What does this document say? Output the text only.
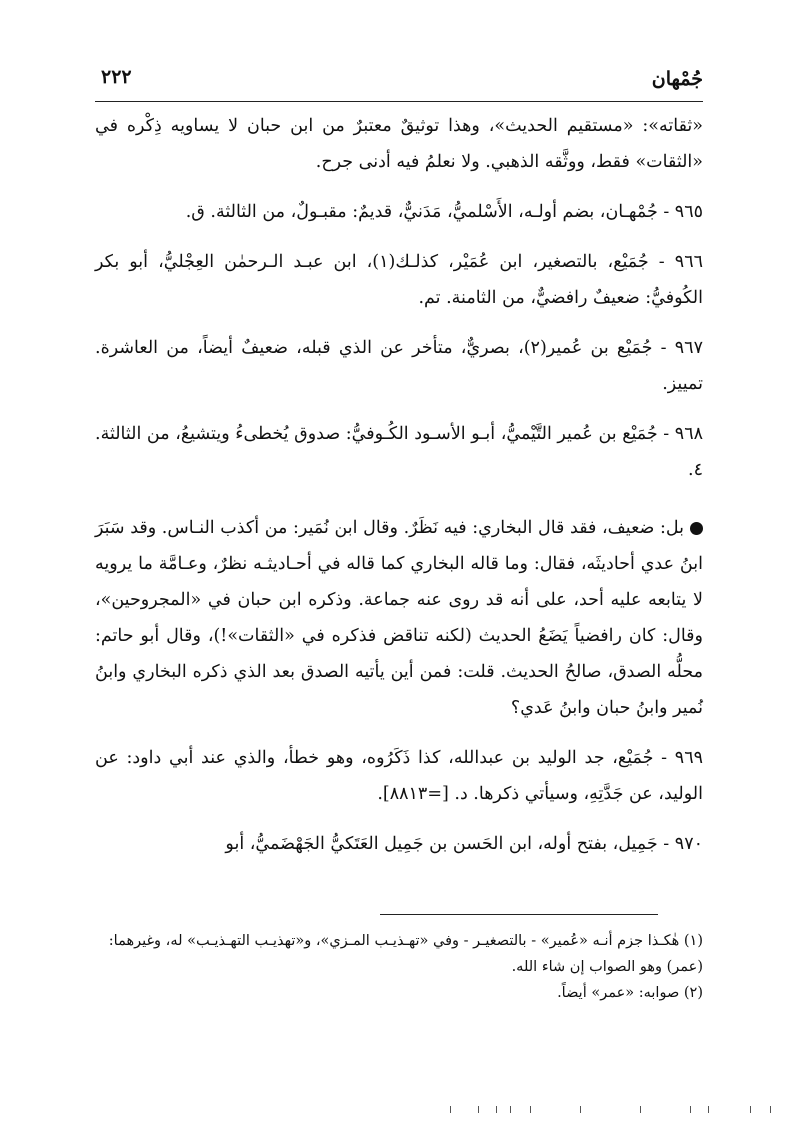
جُمْهان
٢٢٢

«ثقاته»: «مستقيم الحديث»، وهذا توثيقٌ معتبرٌ من ابن حبان لا يساويه ذِكْره في «الثقات» فقط، ووثَّقه الذهبي. ولا نعلمُ فيه أدنى جرح.

٩٦٥ - جُمْهـان، بضم أولـه، الأَسْلميُّ، مَدَنيٌّ، قديمٌ: مقبـولٌ، من الثالثة. ق.

٩٦٦ - جُمَيْع، بالتصغير، ابن عُمَيْر، كذلـك(١)، ابن عبـد الـرحمٰن العِجْليُّ، أبو بكر الكُوفيُّ: ضعيفٌ رافضيٌّ، من الثامنة. تم.

٩٦٧ - جُمَيْع بن عُمير(٢)، بصريٌّ، متأخر عن الذي قبله، ضعيفٌ أيضاً، من العاشرة. تمييز.

٩٦٨ - جُمَيْع بن عُمير التَّيْميُّ، أبـو الأسـود الكُـوفيُّ: صدوق يُخطىءُ ويتشيعُ، من الثالثة. ٤.

بل: ضعيف، فقد قال البخاري: فيه نَظَرٌ. وقال ابن نُمَير: من أكذب النـاس. وقد سَبَرَ ابنُ عدي أحاديثَه، فقال: وما قاله البخاري كما قاله في أحـاديثـه نظرٌ، وعـامَّة ما يرويه لا يتابعه عليه أحد، على أنه قد روى عنه جماعة. وذكره ابن حبان في «المجروحين»، وقال: كان رافضياً يَضَعُ الحديث (لكنه تناقض فذكره في «الثقات»!)، وقال أبو حاتم: محلُّه الصدق، صالحُ الحديث. قلت: فمن أين يأتيه الصدق بعد الذي ذكره البخاري وابنُ نُمير وابنُ حبان وابنُ عَدي؟

٩٦٩ - جُمَيْع، جد الوليد بن عبدالله، كذا ذَكَرُوه، وهو خطأ، والذي عند أبي داود: عن الوليد، عن جَدَّتِهِ، وسيأتي ذكرها. د. [=٨٨١٣].

٩٧٠ - جَمِيل، بفتح أوله، ابن الحَسن بن جَمِيل العَتَكيُّ الجَهْضَميُّ، أبو

(١) هٰكـذا جزم أنـه «عُمير» - بالتصغيـر - وفي «تهـذيـب المـزي»، و«تهذيـب التهـذيـب» له، وغيرهما: (عمر) وهو الصواب إن شاء الله.

(٢) صوابه: «عمر» أيضاً.
